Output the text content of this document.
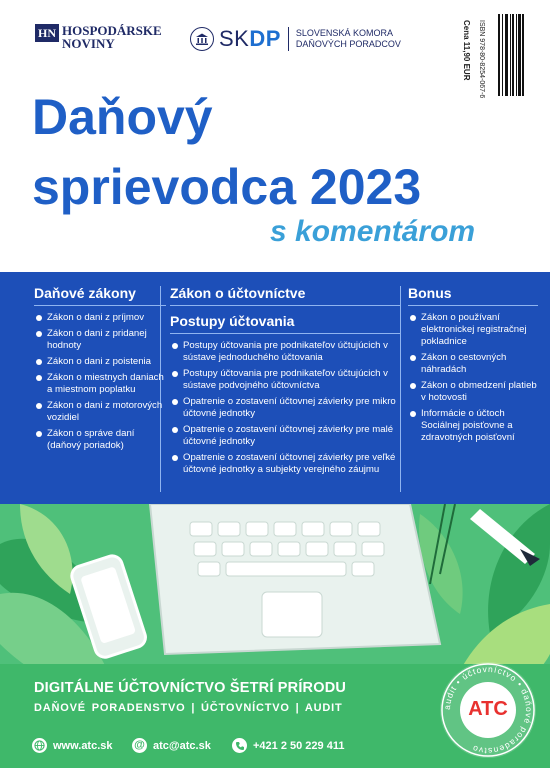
HN HOSPODÁRSKE
NOVINY	SKDP SLOVENSKÁ KOMORA
DAŇOVÝCH PORADCOV	Cena 11,90 EUR ISBN 978-80-8254-067-6
Daňový
sprievodca 2023
s komentárom
Daňové zákony
Zákon o dani z príjmov
Zákon o dani z pridanej hodnoty
Zákon o dani z poistenia
Zákon o miestnych daniach a miestnom poplatku
Zákon o dani z motorových vozidiel
Zákon o správe daní (daňový poriadok)
Zákon o účtovníctve
Postupy účtovania
Postupy účtovania pre podnikateľov účtujúcich v sústave jednoduchého účtovania
Postupy účtovania pre podnikateľov účtujúcich v sústave podvojného účtovníctva
Opatrenie o zostavení účtovnej závierky pre mikro účtovné jednotky
Opatrenie o zostavení účtovnej závierky pre malé účtovné jednotky
Opatrenie o zostavení účtovnej závierky pre veľké účtovné jednotky a subjekty verejného záujmu
Bonus
Zákon o používaní elektronickej registračnej pokladnice
Zákon o cestovných náhradách
Zákon o obmedzení platieb v hotovosti
Informácie o účtoch Sociálnej poisťovne a zdravotných poisťovní
DIGITÁLNE ÚČTOVNÍCTVO ŠETRÍ PRÍRODU
DAŇOVÉ PORADENSTVO | ÚČTOVNÍCTVO | AUDIT
www.atc.sk @ atc@atc.sk	+421 2 50 229 411
audit • účtovníctvo • daňové poradenstvo
ATC
